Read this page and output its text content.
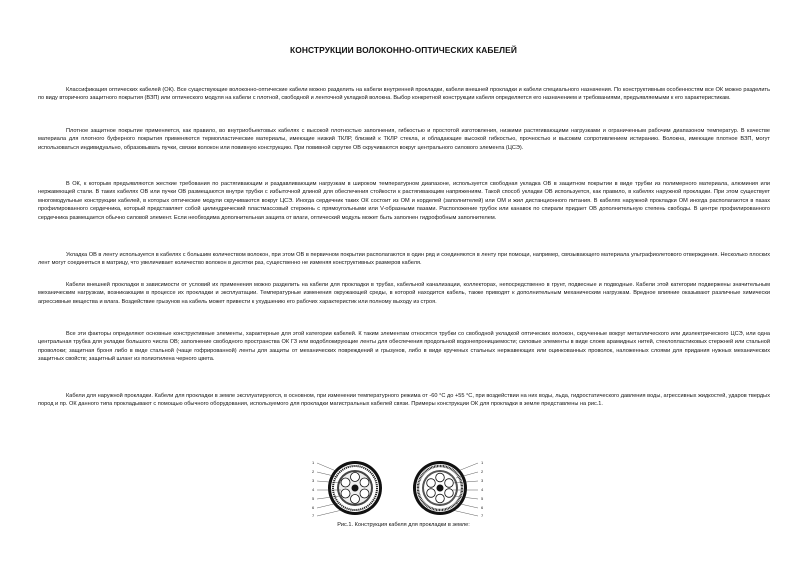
КОНСТРУКЦИИ ВОЛОКОННО-ОПТИЧЕСКИХ КАБЕЛЕЙ

Классификация оптических кабелей (ОК). Все существующие волоконно-оптические кабели можно разделить на кабели внутренней прокладки, кабели внешней прокладки и кабели специального назначения. По конструктивным особенностям все ОК можно разделить по виду вторичного защитного покрытия (ВЗП) или оптического модуля на кабели с плотной, свободной и ленточной укладкой волокна. Выбор конкретной конструкции кабеля определяется его назначением и требованиями, предъявляемыми к его характеристикам.

Плотное защитное покрытие применяется, как правило, во внутриобъектовых кабелях с высокой плотностью заполнения, гибкостью и простотой изготовления, низкими растягивающими нагрузками и ограниченным рабочим диапазоном температур. В качестве материала для плотного буферного покрытия применяются термопластические материалы, имеющие низкий ТКЛР, близкий к ТКЛР стекла, и обладающие высокой гибкостью, прочностью и высоким сопротивлением истиранию. Волокна, имеющие плотное ВЗП, могут использоваться индивидуально, образовывать пучки, связки волокон или повивную конструкцию. При повивной скрутке ОВ скручиваются вокруг центрального силового элемента (ЦСЭ).

В ОК, к которым предъявляются жесткие требования по растягивающим и раздавливающим нагрузкам в широком температурном диапазоне, используется свободная укладка ОВ в защитном покрытии в виде трубки из полимерного материала, алюминия или нержавеющей стали. В таких кабелях ОВ или пучки ОВ размещаются внутри трубки с избыточной длиной для обеспечения стойкости к растягивающим напряжениям. Такой способ укладки ОВ используется, как правило, в кабелях наружной прокладки. При этом существует многомодульные конструкции кабелей, в которых оптические модули скручиваются вокруг ЦСЭ. Иногда сердечник таких ОК состоит из ОМ и корделей (заполнителей) или ОМ и жил дистанционного питания. В кабелях наружной прокладки ОМ иногда располагаются в пазах профилированного сердечника, который представляет собой цилиндрический пластмассовый стержень с прямоугольными или V-образными пазами. Расположение трубок или канавок по спирали придает ОВ дополнительную степень свободы. В центре профилированного сердечника размещается обычно силовой элемент. Если необходима дополнительная защита от влаги, оптический модуль может быть заполнен гидрофобным заполнителем.

Укладка ОВ в ленту используется в кабелях с большим количеством волокон, при этом ОВ в первичном покрытии располагаются в один ряд и соединяются в ленту при помощи, например, связывающего материала ультрафиолетового отверждения. Несколько плоских лент могут соединяться в матрицу, что увеличивает количество волокон в десятки раз, существенно не изменяя конструктивных размеров кабеля.

Кабели внешней прокладки в зависимости от условий их применения можно разделить на кабели для прокладки в трубах, кабельной канализации, коллекторах, непосредственно в грунт, подвесные и подводные. Кабели этой категории подвержены значительным механическим нагрузкам, возникающим в процессе их прокладки и эксплуатации. Температурные изменения окружающей среды, в которой находится кабель, также приводят к дополнительным механическим нагрузкам. Вредное влияние оказывают различные химически агрессивные вещества и влага. Воздействие грызунов на кабель может привести к ухудшению его рабочих характеристик или полному выходу из строя.

Все эти факторы определяют основные конструктивные элементы, характерные для этой категории кабелей. К таким элементам относятся трубки со свободной укладкой оптических волокон, скрученные вокруг металлического или диэлектрического ЦСЭ, или одна центральная трубка для укладки большого числа ОВ; заполнение свободного пространства ОК ГЗ или водоблокирующие ленты для обеспечения продольной водонепроницаемости; силовые элементы в виде слоев арамидных нитей, стеклопластиковых стержней или стальной проволоки; защитная броня либо в виде стальной (чаще гофрированной) ленты для защиты от механических повреждений и грызунов, либо в виде крученых стальных нержавеющих или оцинкованных проволок, наложенных слоями для придания нужных механических защитных свойств; защитный шланг из полиэтилена черного цвета.

Кабели для наружной прокладки. Кабели для прокладки в земле эксплуатируются, в основном, при изменении температурного режима от -60 °С до +55 °С, при воздействии на них воды, льда, гидростатического давления воды, агрессивных жидкостей, ударов твердых пород и пр. ОК данного типа прокладывают с помощью обычного оборудования, используемого для прокладки магистральных кабелей связи. Примеры конструкции ОК для прокладки в земле представлены на рис.1.

1
2
3
4
5
6
7
1
2
3
4
5
6
7
Рис.1. Конструкция кабеля для прокладки в земле:
